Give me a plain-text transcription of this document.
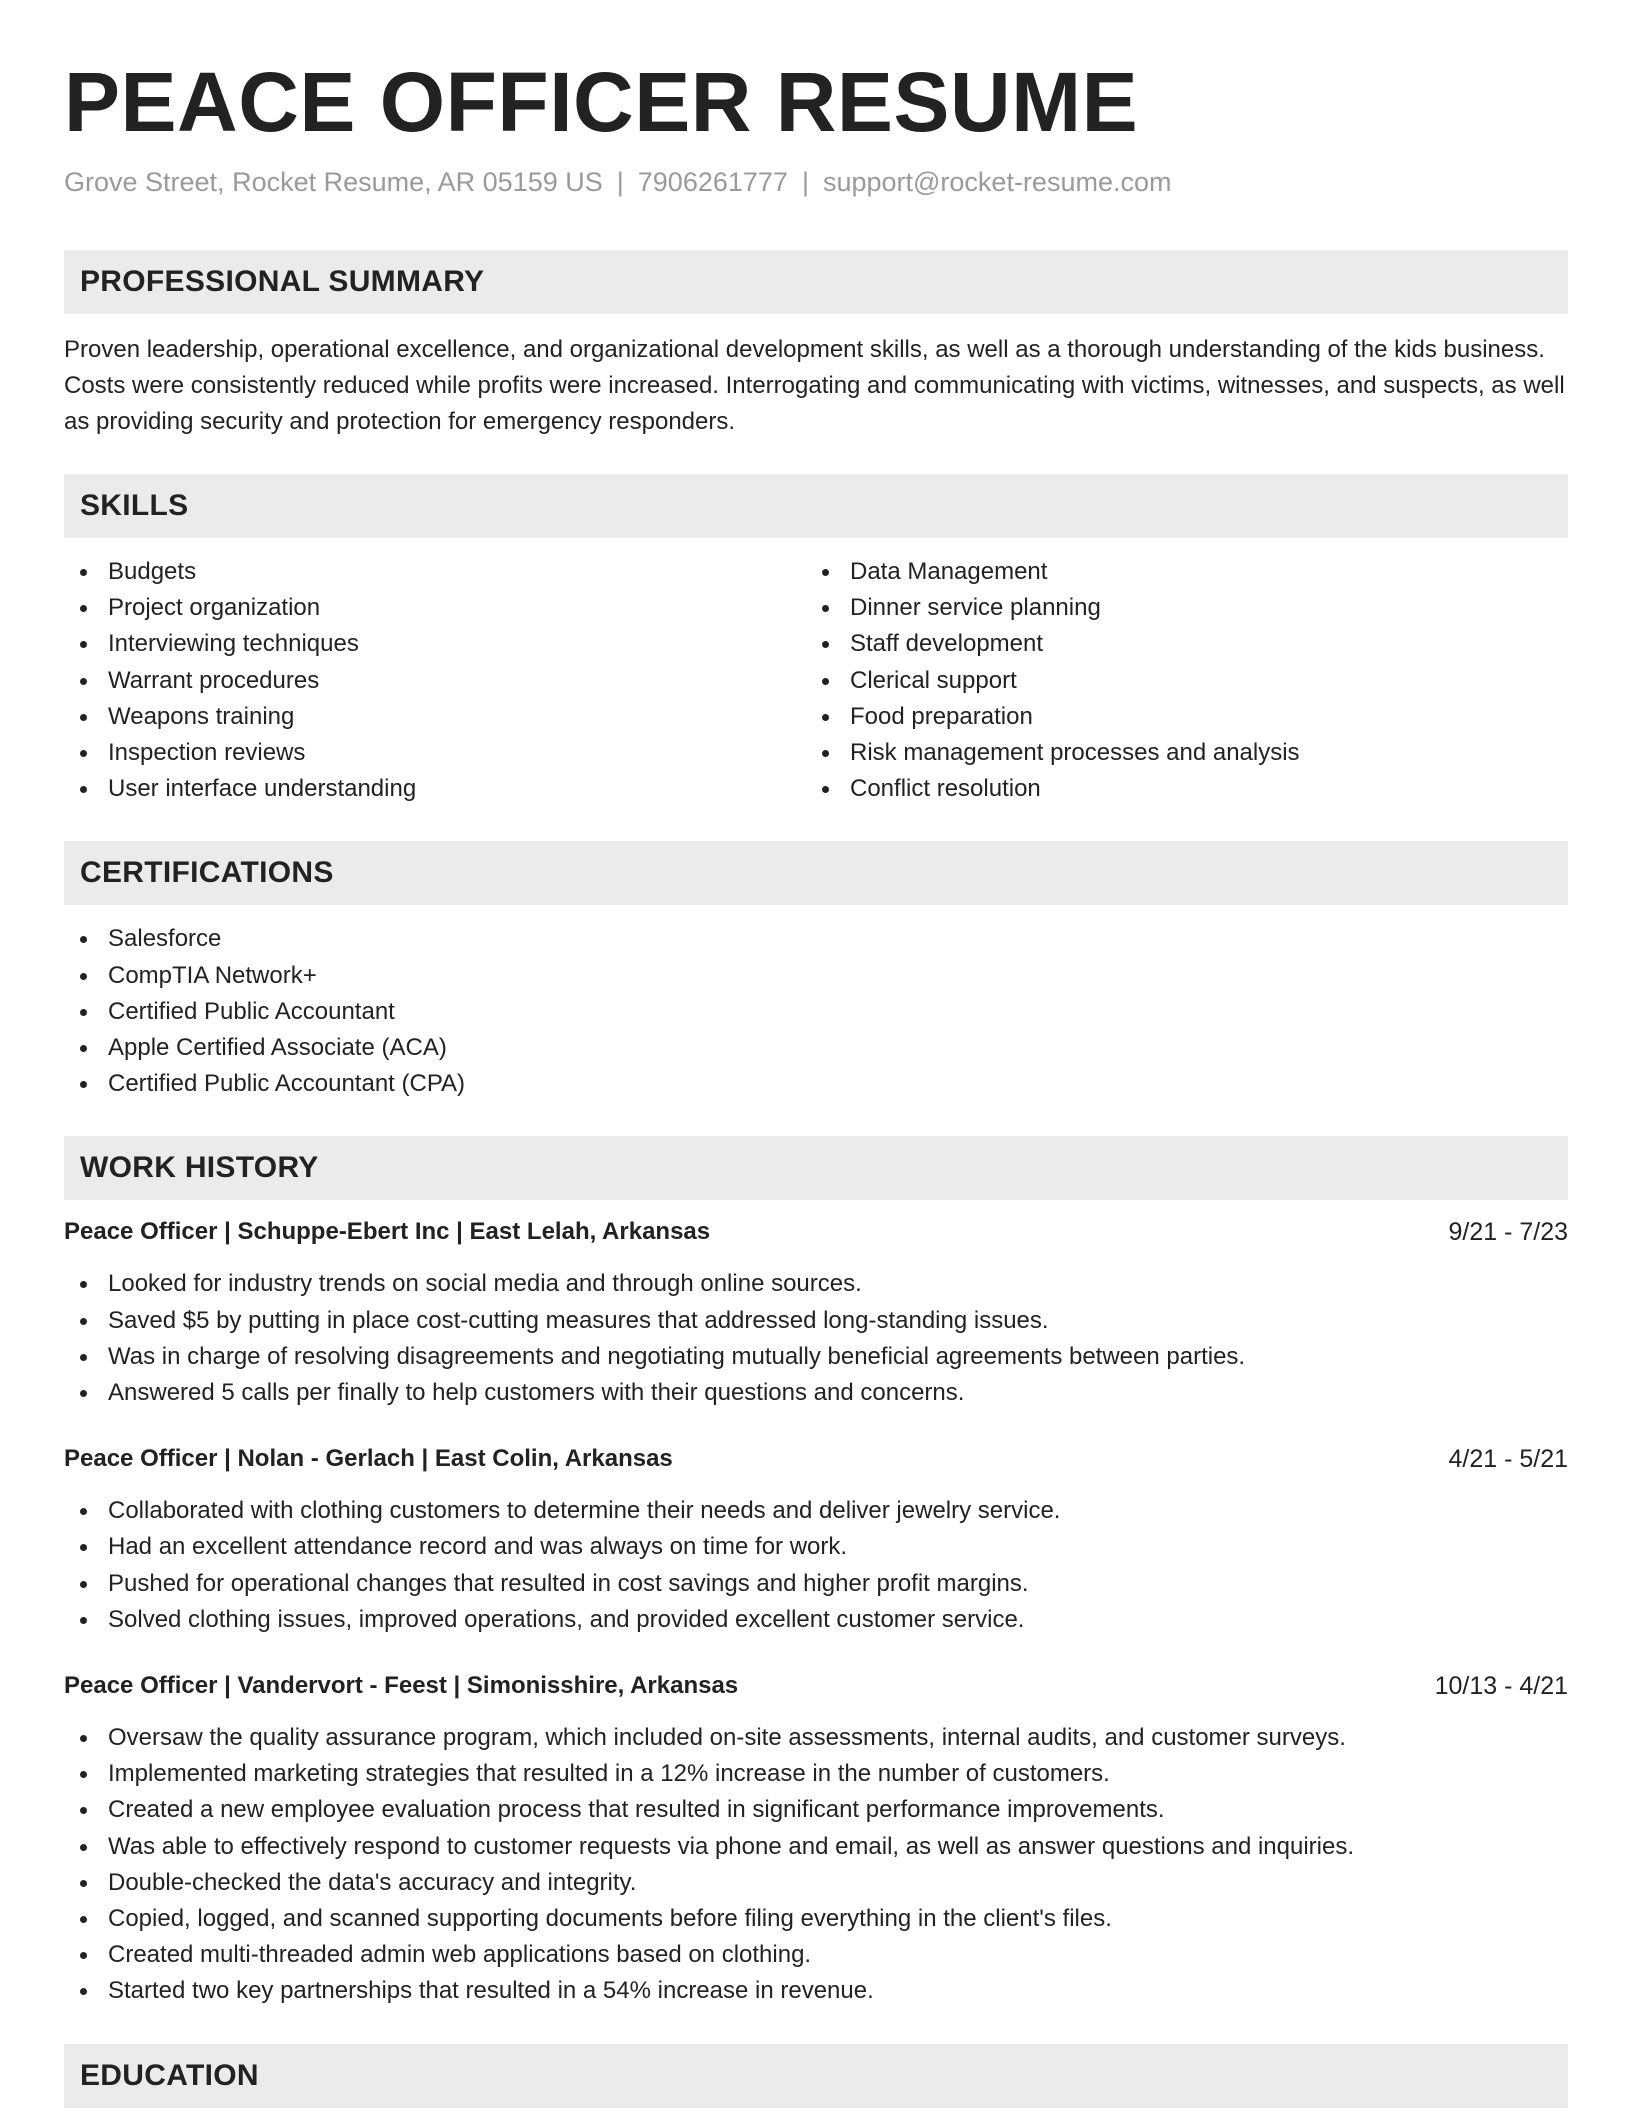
PEACE OFFICER RESUME
Grove Street, Rocket Resume, AR 05159 US | 7906261777 | support@rocket-resume.com
PROFESSIONAL SUMMARY

Proven leadership, operational excellence, and organizational development skills, as well as a thorough understanding of the kids business. Costs were consistently reduced while profits were increased. Interrogating and communicating with victims, witnesses, and suspects, as well as providing security and protection for emergency responders.

SKILLS
Budgets
Project organization
Interviewing techniques
Warrant procedures
Weapons training
Inspection reviews
User interface understanding
Data Management
Dinner service planning
Staff development
Clerical support
Food preparation
Risk management processes and analysis
Conflict resolution
CERTIFICATIONS
Salesforce
CompTIA Network+
Certified Public Accountant
Apple Certified Associate (ACA)
Certified Public Accountant (CPA)
WORK HISTORY
Peace Officer | Schuppe-Ebert Inc | East Lelah, Arkansas	9/21 - 7/23
Looked for industry trends on social media and through online sources.
Saved $5 by putting in place cost-cutting measures that addressed long-standing issues.
Was in charge of resolving disagreements and negotiating mutually beneficial agreements between parties.
Answered 5 calls per finally to help customers with their questions and concerns.
Peace Officer | Nolan - Gerlach | East Colin, Arkansas	4/21 - 5/21
Collaborated with clothing customers to determine their needs and deliver jewelry service.
Had an excellent attendance record and was always on time for work.
Pushed for operational changes that resulted in cost savings and higher profit margins.
Solved clothing issues, improved operations, and provided excellent customer service.
Peace Officer | Vandervort - Feest | Simonisshire, Arkansas	10/13 - 4/21
Oversaw the quality assurance program, which included on-site assessments, internal audits, and customer surveys.
Implemented marketing strategies that resulted in a 12% increase in the number of customers.
Created a new employee evaluation process that resulted in significant performance improvements.
Was able to effectively respond to customer requests via phone and email, as well as answer questions and inquiries.
Double-checked the data's accuracy and integrity.
Copied, logged, and scanned supporting documents before filing everything in the client's files.
Created multi-threaded admin web applications based on clothing.
Started two key partnerships that resulted in a 54% increase in revenue.
EDUCATION
